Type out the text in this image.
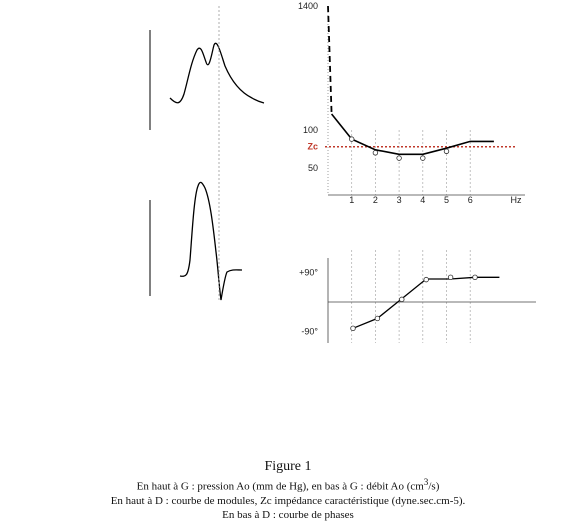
1400
100
50
1 2 3 4 5 6	Hz
Zc
+90°
-90°
Figure 1
En haut à G : pression Ao (mm de Hg), en bas à G : débit Ao $(cm^3/s)$
En haut à D : courbe de modules, Zc impédance caractéristique (dyne.sec.cm-5).
En bas à D : courbe de phases
